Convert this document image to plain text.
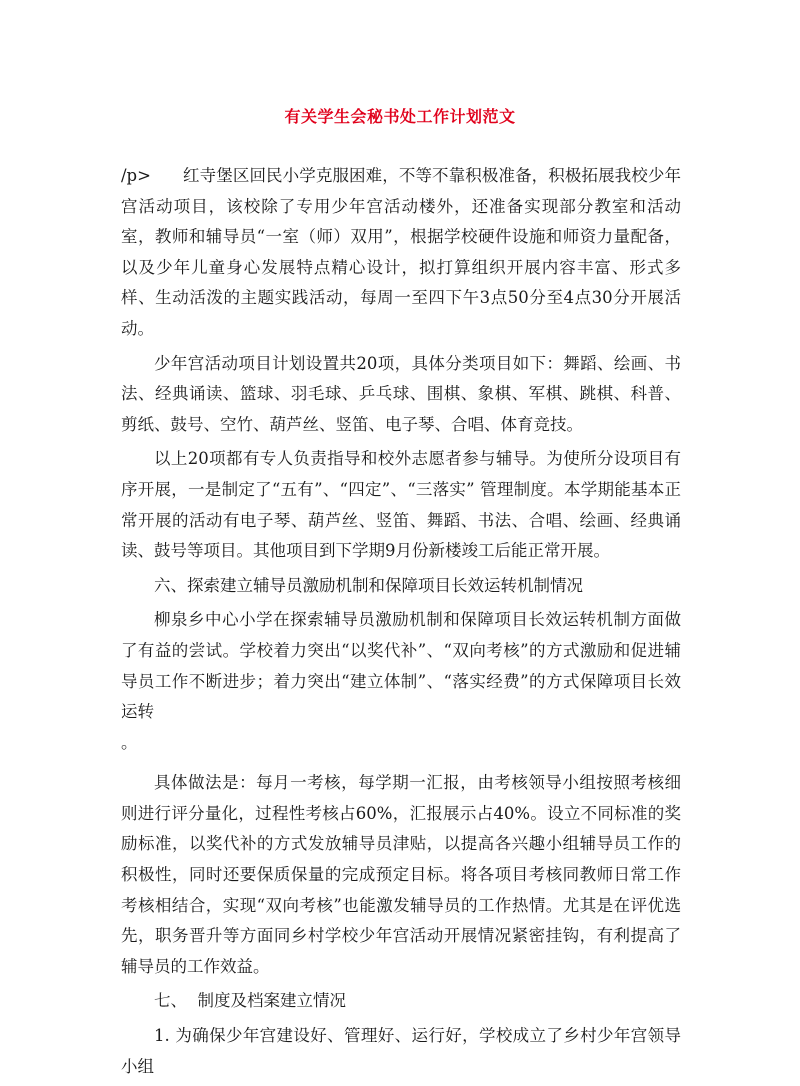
有关学生会秘书处工作计划范文

/p>      红寺堡区回民小学克服困难，不等不靠积极准备，积极拓展我校少年宫活动项目，该校除了专用少年宫活动楼外，还准备实现部分教室和活动室，教师和辅导员“一室（师）双用”，根据学校硬件设施和师资力量配备，以及少年儿童身心发展特点精心设计，拟打算组织开展内容丰富、形式多样、生动活泼的主题实践活动，每周一至四下午3点50分至4点30分开展活动。

少年宫活动项目计划设置共20项，具体分类项目如下：舞蹈、绘画、书法、经典诵读、篮球、羽毛球、乒乓球、围棋、象棋、军棋、跳棋、科普、剪纸、鼓号、空竹、葫芦丝、竖笛、电子琴、合唱、体育竞技。

以上20项都有专人负责指导和校外志愿者参与辅导。为使所分设项目有序开展，一是制定了“五有”、“四定”、“三落实” 管理制度。本学期能基本正常开展的活动有电子琴、葫芦丝、竖笛、舞蹈、书法、合唱、绘画、经典诵读、鼓号等项目。其他项目到下学期9月份新楼竣工后能正常开展。

六、探索建立辅导员激励机制和保障项目长效运转机制情况

柳泉乡中心小学在探索辅导员激励机制和保障项目长效运转机制方面做了有益的尝试。学校着力突出“以奖代补”、“双向考核”的方式激励和促进辅导员工作不断进步；着力突出“建立体制”、“落实经费”的方式保障项目长效运转

。

具体做法是：每月一考核，每学期一汇报，由考核领导小组按照考核细则进行评分量化，过程性考核占60%，汇报展示占40%。设立不同标准的奖励标准，以奖代补的方式发放辅导员津贴，以提高各兴趣小组辅导员工作的积极性，同时还要保质保量的完成预定目标。将各项目考核同教师日常工作考核相结合，实现“双向考核”也能激发辅导员的工作热情。尤其是在评优选先，职务晋升等方面同乡村学校少年宫活动开展情况紧密挂钩，有利提高了辅导员的工作效益。

七、  制度及档案建立情况

1. 为确保少年宫建设好、管理好、运行好，学校成立了乡村少年宫领导小组
